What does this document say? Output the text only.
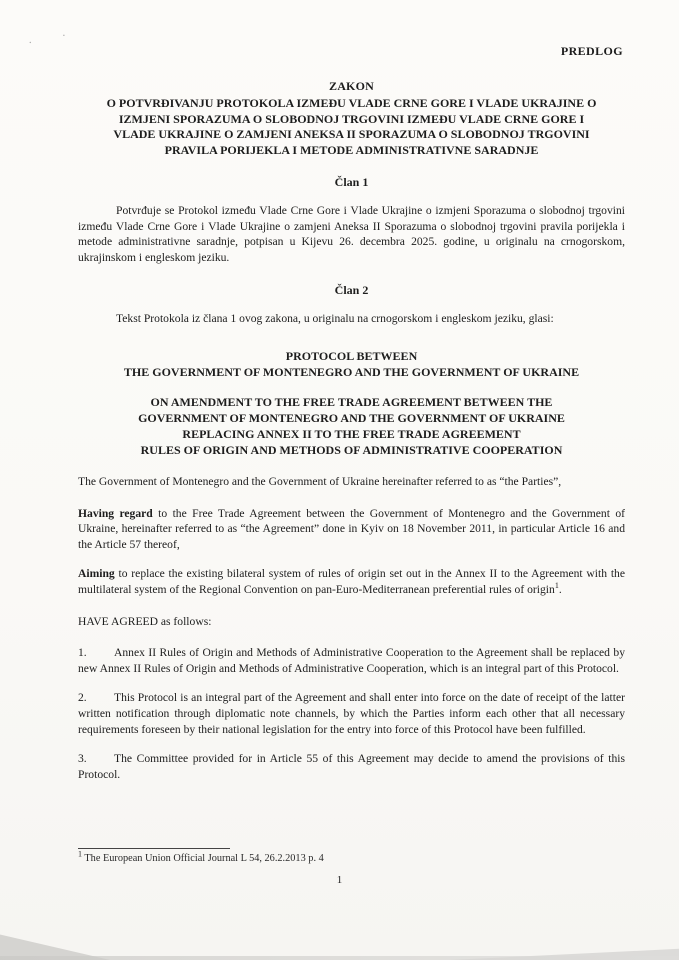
· ·

PREDLOG

ZAKON

O POTVRĐIVANJU PROTOKOLA IZMEĐU VLADE CRNE GORE I VLADE UKRAJINE O
IZMJENI SPORAZUMA O SLOBODNOJ TRGOVINI IZMEĐU VLADE CRNE GORE I
VLADE UKRAJINE O ZAMJENI ANEKSA II SPORAZUMA O SLOBODNOJ TRGOVINI
PRAVILA PORIJEKLA I METODE ADMINISTRATIVNE SARADNJE

Član 1

Potvrđuje se Protokol između Vlade Crne Gore i Vlade Ukrajine o izmjeni Sporazuma o slobodnoj trgovini između Vlade Crne Gore i Vlade Ukrajine o zamjeni Aneksa II Sporazuma o slobodnoj trgovini pravila porijekla i metode administrativne saradnje, potpisan u Kijevu 26. decembra 2025. godine, u originalu na crnogorskom, ukrajinskom i engleskom jeziku.

Član 2

Tekst Protokola iz člana 1 ovog zakona, u originalu na crnogorskom i engleskom jeziku, glasi:

PROTOCOL BETWEEN
THE GOVERNMENT OF MONTENEGRO AND THE GOVERNMENT OF UKRAINE
ON AMENDMENT TO THE FREE TRADE AGREEMENT BETWEEN THE
GOVERNMENT OF MONTENEGRO AND THE GOVERNMENT OF UKRAINE
REPLACING ANNEX II TO THE FREE TRADE AGREEMENT
RULES OF ORIGIN AND METHODS OF ADMINISTRATIVE COOPERATION

The Government of Montenegro and the Government of Ukraine hereinafter referred to as “the Parties”,

Having regard to the Free Trade Agreement between the Government of Montenegro and the Government of Ukraine, hereinafter referred to as “the Agreement” done in Kyiv on 18 November 2011, in particular Article 16 and the Article 57 thereof,

Aiming to replace the existing bilateral system of rules of origin set out in the Annex II to the Agreement with the multilateral system of the Regional Convention on pan-Euro-Mediterranean preferential rules of origin$^1$.

HAVE AGREED as follows:

1. Annex II Rules of Origin and Methods of Administrative Cooperation to the Agreement shall be replaced by new Annex II Rules of Origin and Methods of Administrative Cooperation, which is an integral part of this Protocol.

2. This Protocol is an integral part of the Agreement and shall enter into force on the date of receipt of the latter written notification through diplomatic note channels, by which the Parties inform each other that all necessary requirements foreseen by their national legislation for the entry into force of this Protocol have been fulfilled.

3. The Committee provided for in Article 55 of this Agreement may decide to amend the provisions of this Protocol.

$^1$ The European Union Official Journal L 54, 26.2.2013 p. 4

1
